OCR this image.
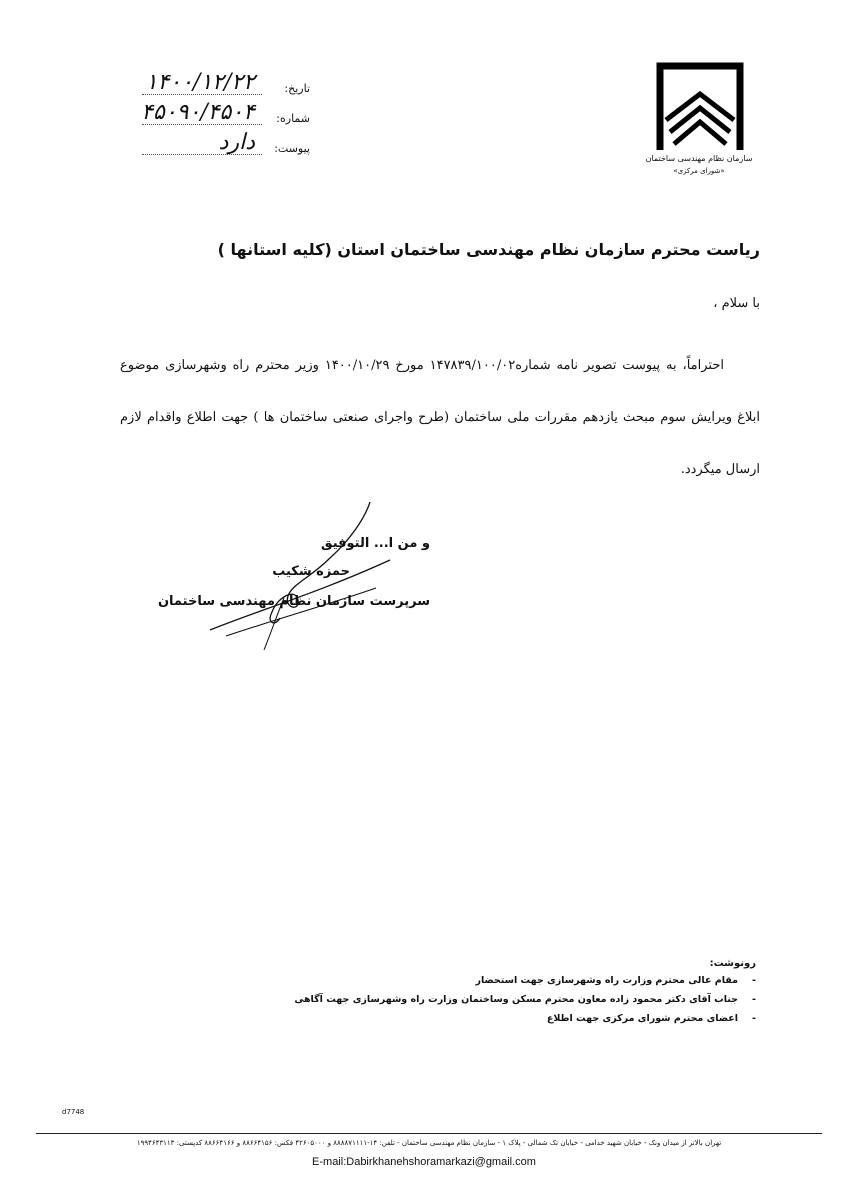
سازمان نظام مهندسی ساختمان
«شورای مرکزی»
تاریخ:
۱۴۰۰/۱۲/۲۲
شماره:
۴۵۰۹۰/۴۵۰۴
پیوست:
دارد
ریاست محترم سازمان نظام مهندسی ساختمان استان (کلیه استانها )
با سلام ،
احتراماً، به پیوست تصویر نامه شماره۱۴۷۸۳۹/۱۰۰/۰۲ مورخ ۱۴۰۰/۱۰/۲۹ وزیر محترم راه وشهرسازی موضوع ابلاغ ویرایش سوم مبحث یازدهم مقررات ملی ساختمان (طرح واجرای صنعتی ساختمان ها ) جهت اطلاع واقدام لازم ارسال میگردد.
و من ا... التوفیق
حمزه شکیب
سرپرست سازمان نظام مهندسی ساختمان
رونوشت:
-مقام عالی محترم وزارت راه وشهرسازی جهت استحضار
-جناب آقای دکتر محمود زاده معاون محترم مسکن وساختمان وزارت راه وشهرسازی جهت آگاهی
-اعضای محترم شورای مرکزی جهت اطلاع
d7748
تهران بالاتر از میدان ونک - خیابان شهید خدامی - خیابان تک شمالی - پلاک ۱ - سازمان نظام مهندسی ساختمان - تلفن: ۱۴-۸۸۸۸۷۱۱۱۱ و ۴۲۶۰۵۰۰۰ فکس: ۸۸۶۶۴۱۵۶ و ۸۸۶۶۴۱۶۶ کدپستی: ۱۹۹۴۶۴۳۱۱۳
E-mail:Dabirkhanehshoramarkazi@gmail.com
